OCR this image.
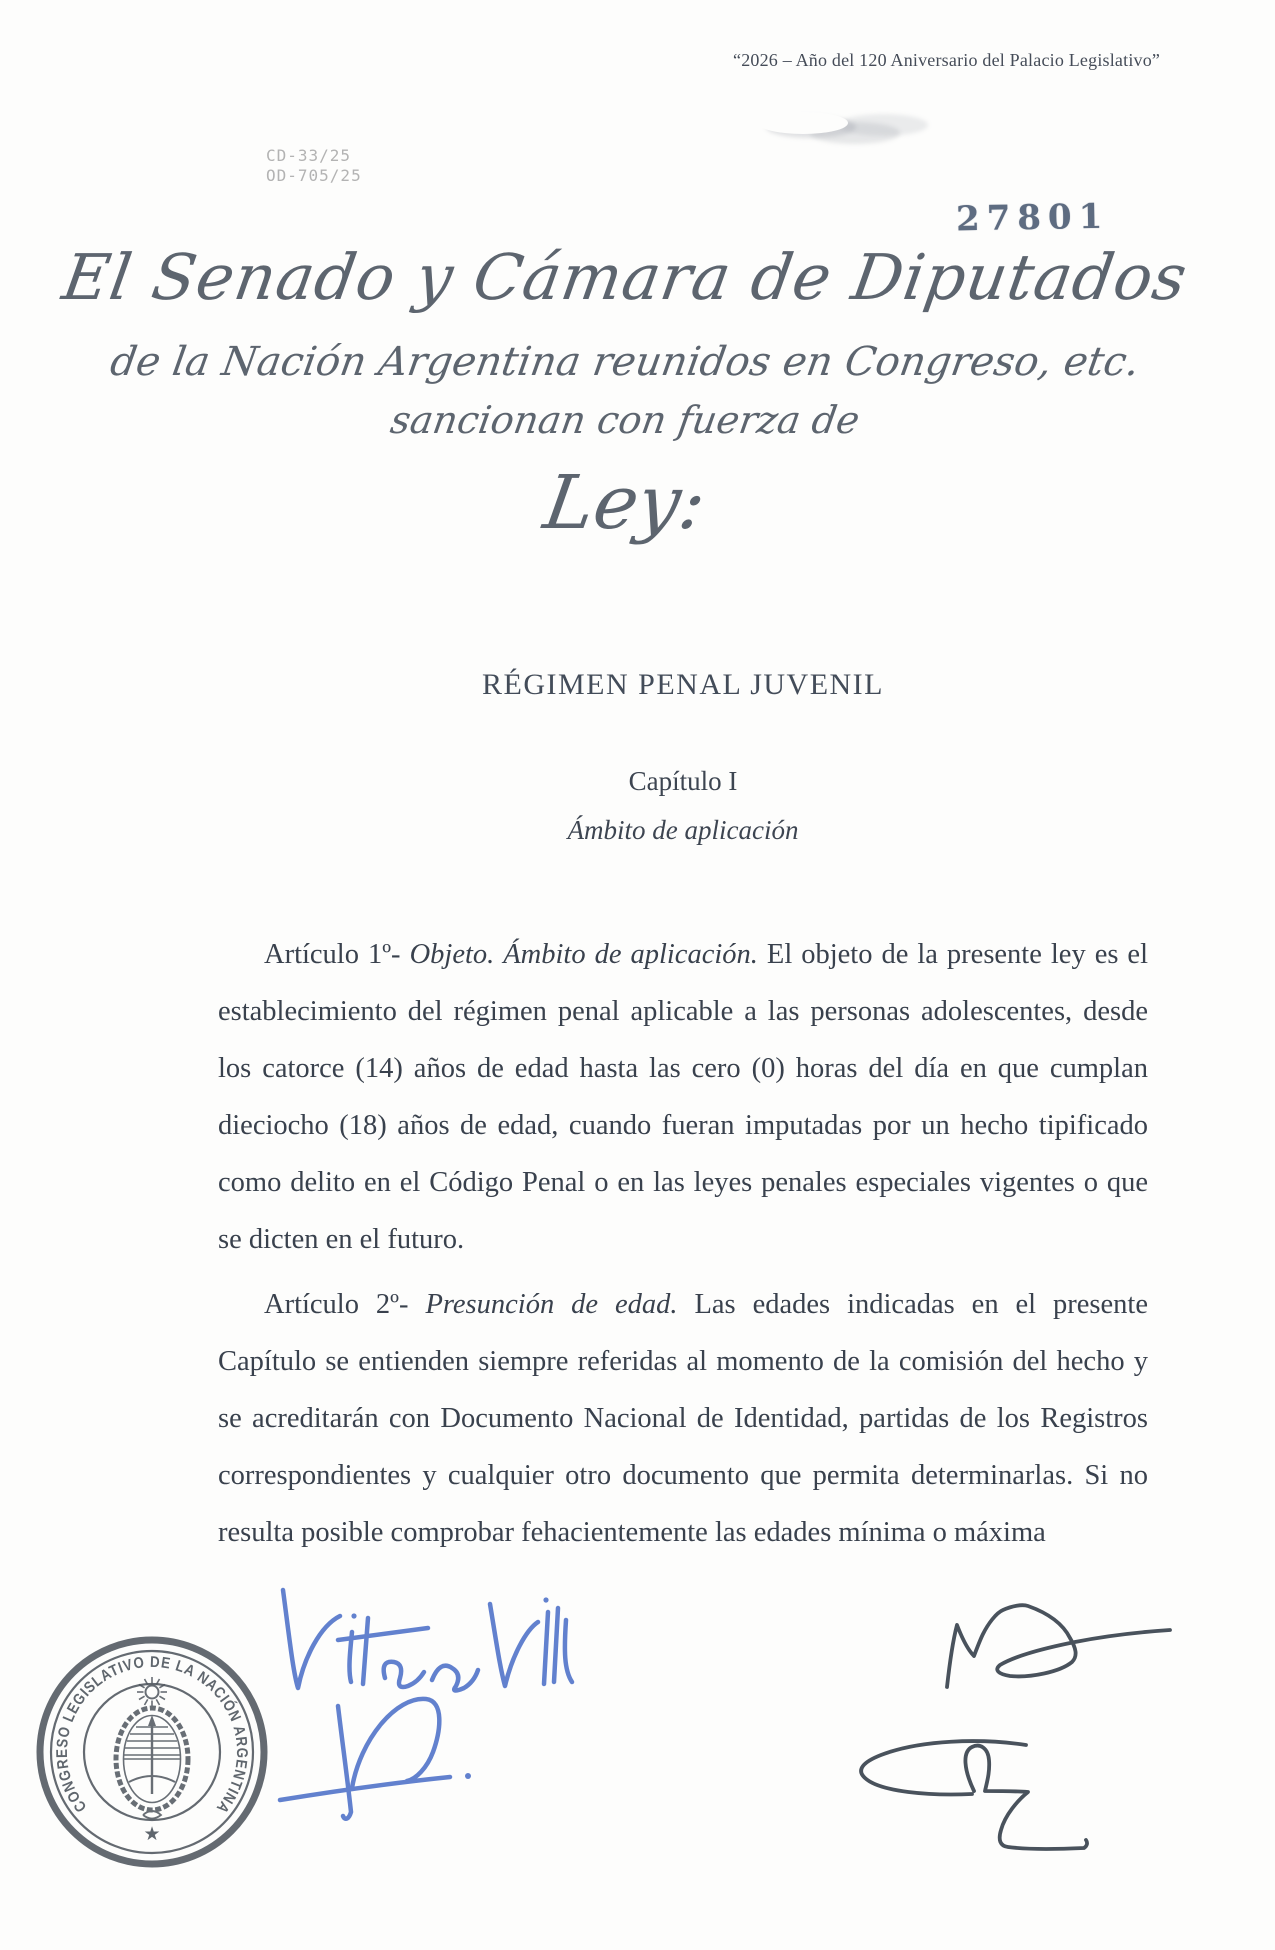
“2026 – Año del 120 Aniversario del Palacio Legislativo”
CD-33/25
OD-705/25
27801
El Senado y Cámara de Diputados
de la Nación Argentina reunidos en Congreso, etc.
sancionan con fuerza de
Ley:
RÉGIMEN PENAL JUVENIL
Capítulo I
Ámbito de aplicación

Artículo 1º- Objeto. Ámbito de aplicación. El objeto de la presente ley es el establecimiento del régimen penal aplicable a las personas adolescentes, desde los catorce (14) años de edad hasta las cero (0) horas del día en que cumplan dieciocho (18) años de edad, cuando fueran imputadas por un hecho tipificado como delito en el Código Penal o en las leyes penales especiales vigentes o que se dicten en el futuro.

Artículo 2º- Presunción de edad. Las edades indicadas en el presente Capítulo se entienden siempre referidas al momento de la comisión del hecho y se acreditarán con Documento Nacional de Identidad, partidas de los Registros correspondientes y cualquier otro documento que permita determinarlas. Si no resulta posible comprobar fehacientemente las edades mínima o máxima

CONGRESO LEGISLATIVO DE LA NACIÓN ARGENTINA
★
